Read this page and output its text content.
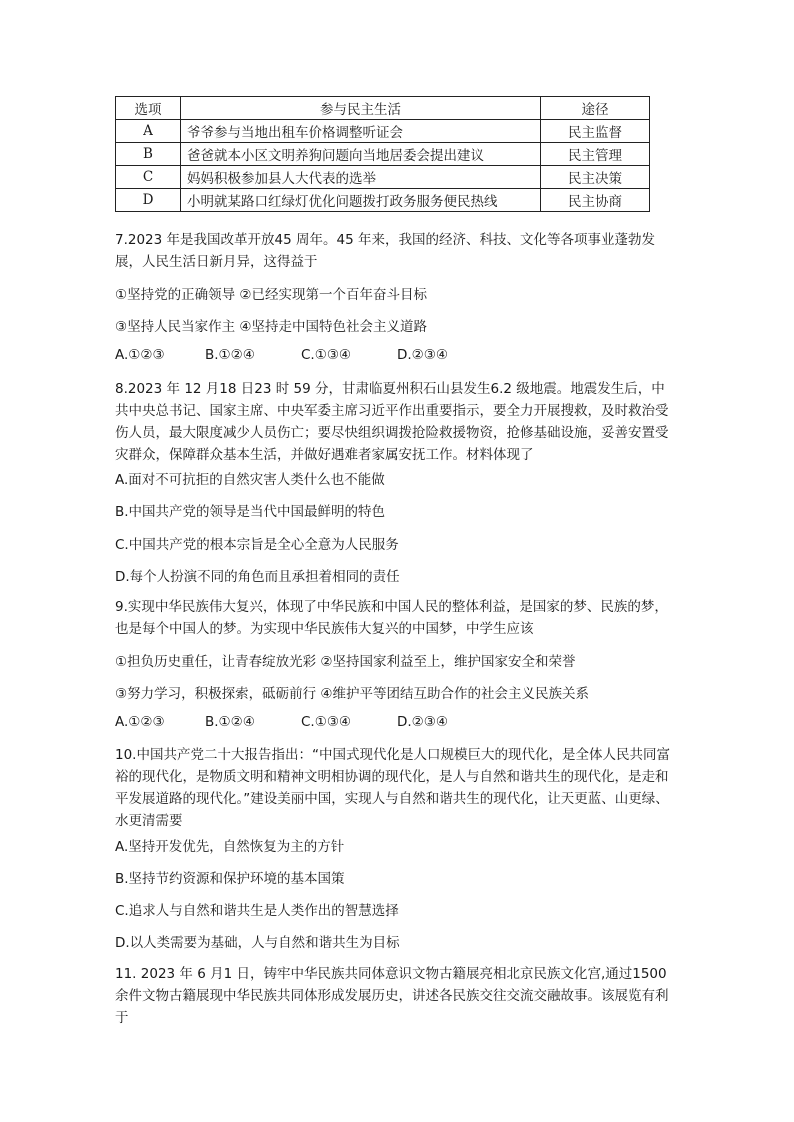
选项	参与民主生活	途径
A	爷爷参与当地出租车价格调整听证会	民主监督
B	爸爸就本小区文明养狗问题向当地居委会提出建议	民主管理
C	妈妈积极参加县人大代表的选举	民主决策
D	小明就某路口红绿灯优化问题拨打政务服务便民热线	民主协商
7.2023 年是我国改革开放45 周年。45 年来，我国的经济、科技、文化等各项事业蓬勃发展，人民生活日新月异，这得益于
①坚持党的正确领导 ②已经实现第一个百年奋斗目标
③坚持人民当家作主 ④坚持走中国特色社会主义道路
A.①②③	B.①②④	C.①③④	D.②③④
8.2023 年 12 月18 日23 时 59 分，甘肃临夏州积石山县发生6.2 级地震。地震发生后，中共中央总书记、国家主席、中央军委主席习近平作出重要指示，要全力开展搜救，及时救治受伤人员，最大限度减少人员伤亡；要尽快组织调拨抢险救援物资，抢修基础设施，妥善安置受灾群众，保障群众基本生活，并做好遇难者家属安抚工作。材料体现了
A.面对不可抗拒的自然灾害人类什么也不能做
B.中国共产党的领导是当代中国最鲜明的特色
C.中国共产党的根本宗旨是全心全意为人民服务
D.每个人扮演不同的角色而且承担着相同的责任
9.实现中华民族伟大复兴，体现了中华民族和中国人民的整体利益，是国家的梦、民族的梦，也是每个中国人的梦。为实现中华民族伟大复兴的中国梦，中学生应该
①担负历史重任，让青春绽放光彩 ②坚持国家利益至上，维护国家安全和荣誉
③努力学习，积极探索，砥砺前行 ④维护平等团结互助合作的社会主义民族关系
A.①②③	B.①②④	C.①③④	D.②③④
10.中国共产党二十大报告指出：“中国式现代化是人口规模巨大的现代化，是全体人民共同富裕的现代化，是物质文明和精神文明相协调的现代化，是人与自然和谐共生的现代化，是走和平发展道路的现代化。”建设美丽中国，实现人与自然和谐共生的现代化，让天更蓝、山更绿、水更清需要
A.坚持开发优先，自然恢复为主的方针
B.坚持节约资源和保护环境的基本国策
C.追求人与自然和谐共生是人类作出的智慧选择
D.以人类需要为基础，人与自然和谐共生为目标
11. 2023 年 6 月1 日，铸牢中华民族共同体意识文物古籍展亮相北京民族文化宫,通过1500 余件文物古籍展现中华民族共同体形成发展历史，讲述各民族交往交流交融故事。该展览有利于
